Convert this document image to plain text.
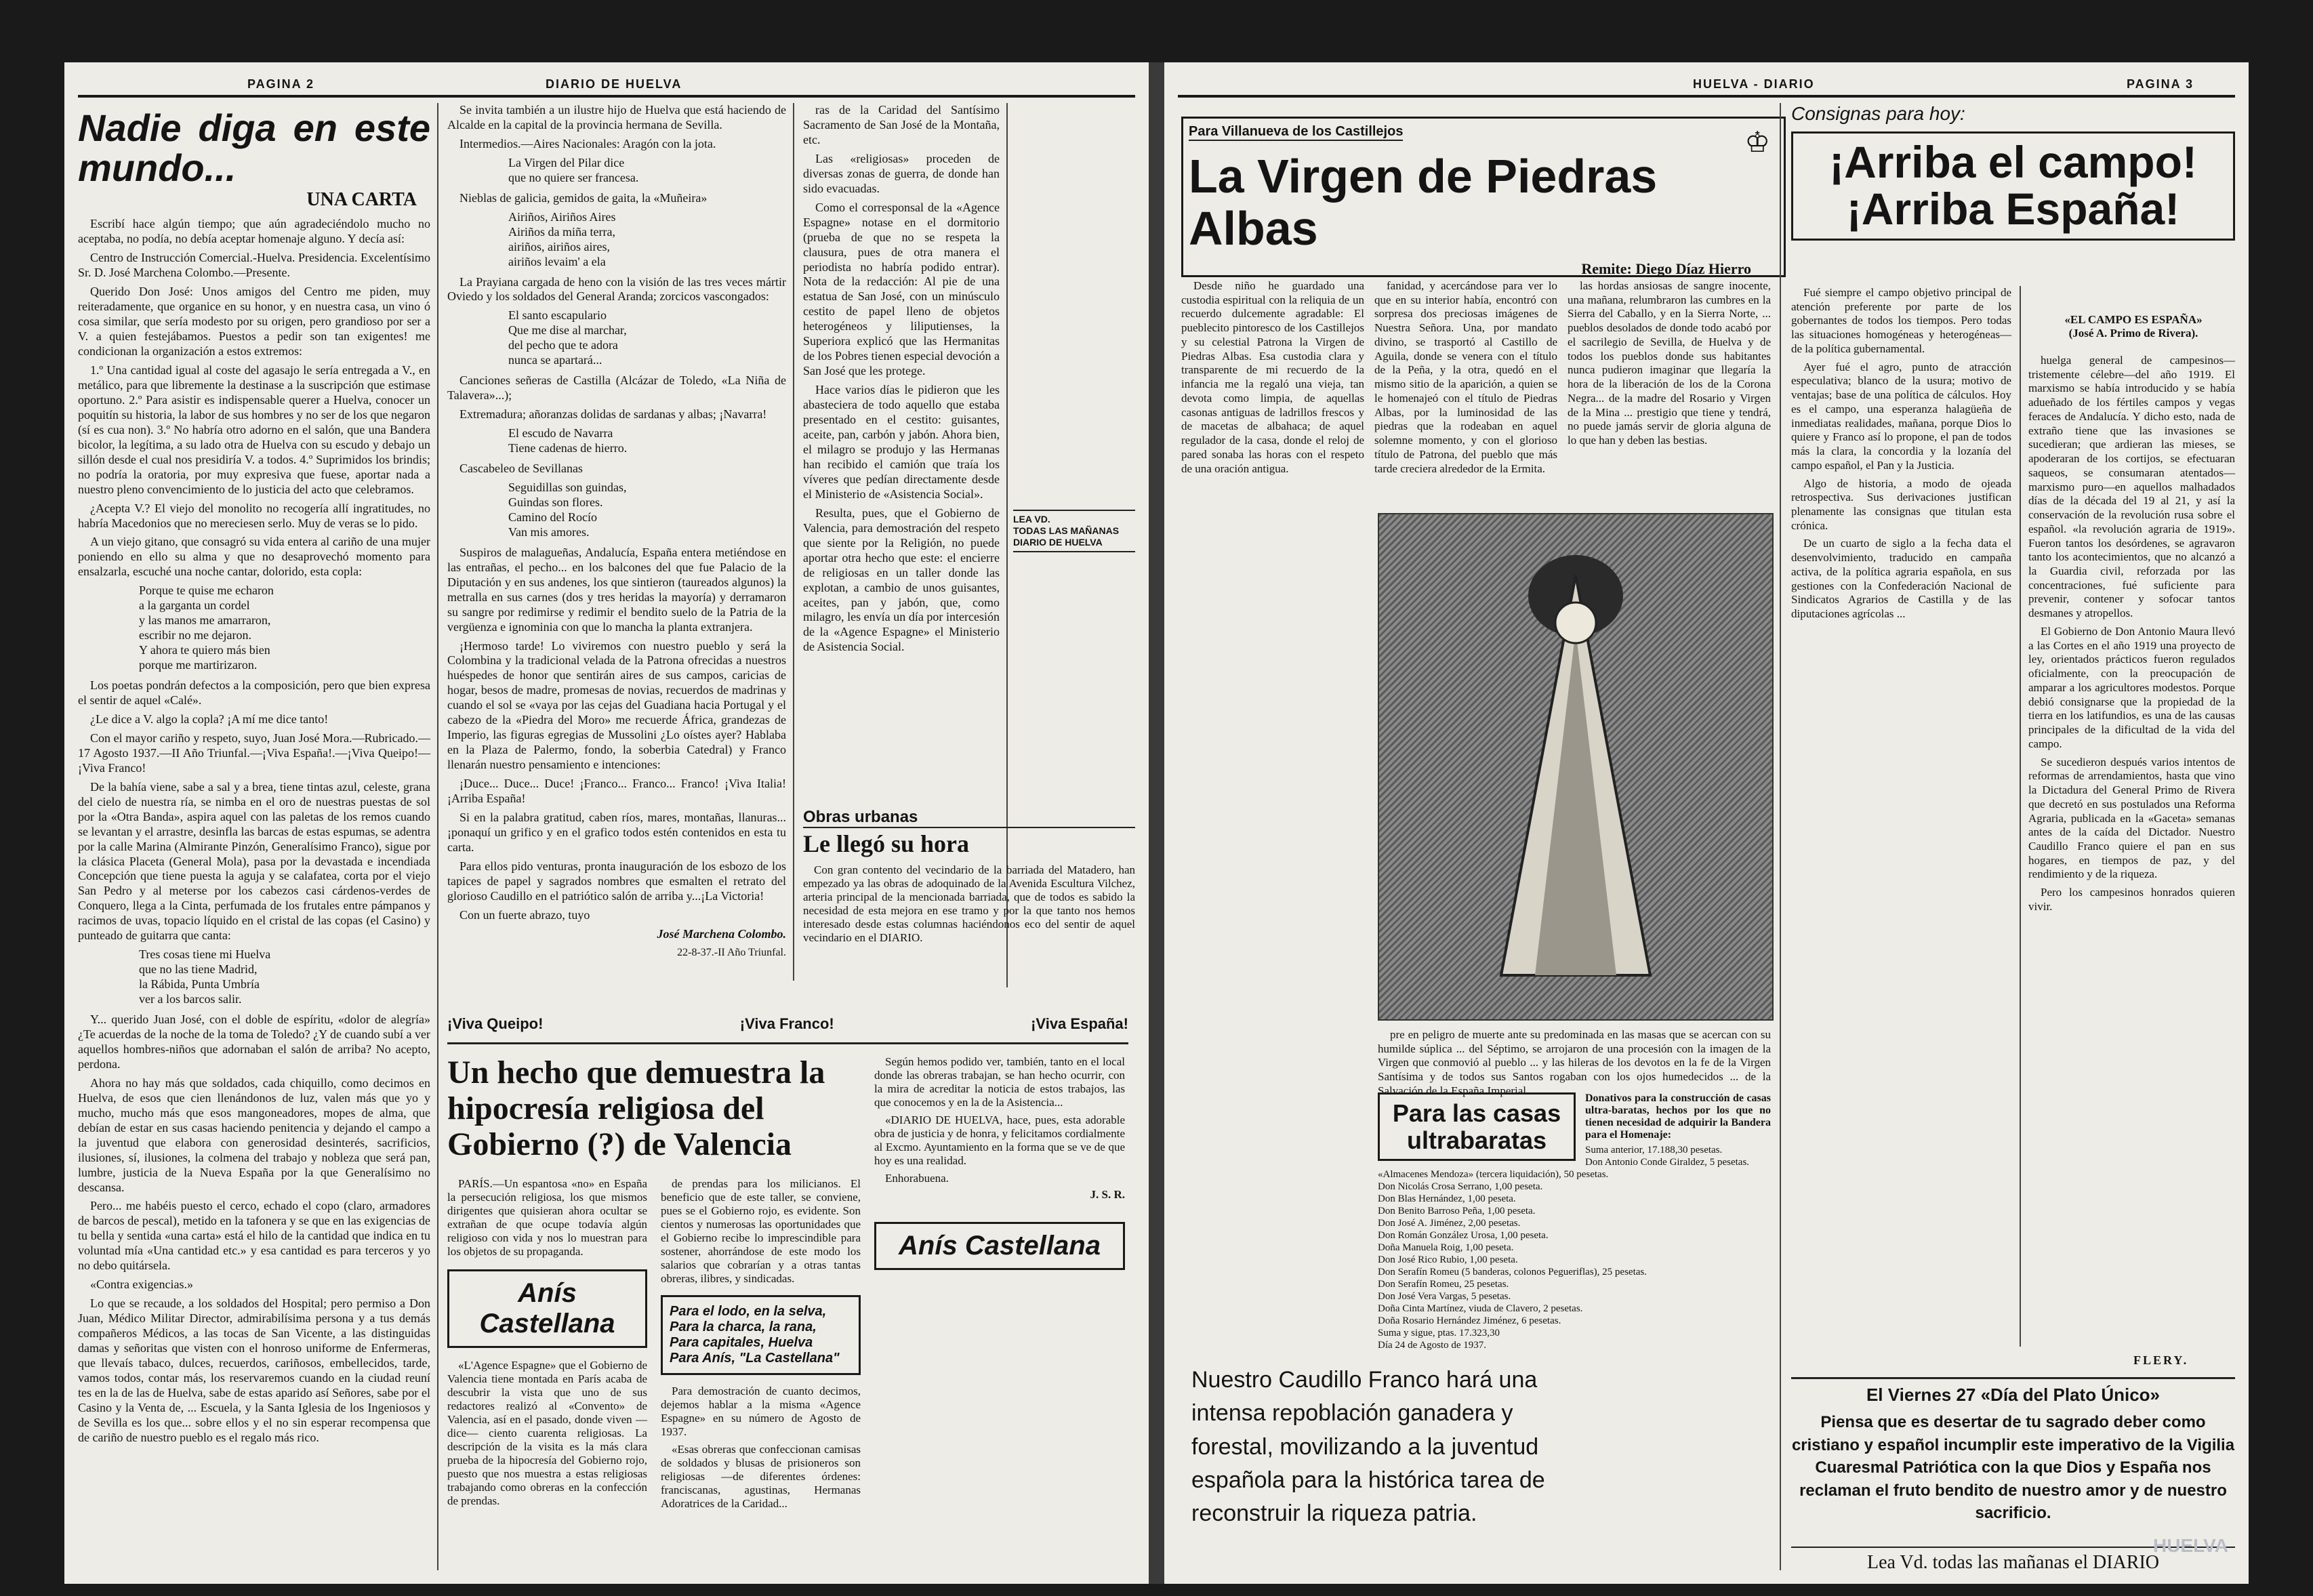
PAGINA 2	DIARIO DE HUELVA
Nadie diga en este mundo...
UNA CARTA

Escribí hace algún tiempo; que aún agradeciéndolo mucho no aceptaba, no podía, no debía aceptar homenaje alguno. Y decía así:

Centro de Instrucción Comercial.-Huelva. Presidencia. Excelentísimo Sr. D. José Marchena Colombo.—Presente.

Querido Don José: Unos amigos del Centro me piden, muy reiteradamente, que organice en su honor, y en nuestra casa, un vino ó cosa similar, que sería modesto por su origen, pero grandioso por ser a V. a quien festejábamos. Puestos a pedir son tan exigentes! me condicionan la organización a estos extremos:

1.º Una cantidad igual al coste del agasajo le sería entregada a V., en metálico, para que libremente la destinase a la suscripción que estimase oportuno. 2.º Para asistir es indispensable querer a Huelva, conocer un poquitín su historia, la labor de sus hombres y no ser de los que negaron (sí es cua non). 3.º No habría otro adorno en el salón, que una Bandera bicolor, la legítima, a su lado otra de Huelva con su escudo y debajo un sillón desde el cual nos presidiría V. a todos. 4.º Suprimidos los brindis; no podría la oratoria, por muy expresiva que fuese, aportar nada a nuestro pleno convencimiento de lo justicia del acto que celebramos.

¿Acepta V.? El viejo del monolito no recogería allí ingratitudes, no habría Macedonios que no mereciesen serlo. Muy de veras se lo pido.

A un viejo gitano, que consagró su vida entera al cariño de una mujer poniendo en ello su alma y que no desaprovechó momento para ensalzarla, escuché una noche cantar, dolorido, esta copla:

Porque te quise me echaron
a la garganta un cordel
y las manos me amarraron,
escribir no me dejaron.
Y ahora te quiero más bien
porque me martirizaron.

Los poetas pondrán defectos a la composición, pero que bien expresa el sentir de aquel «Calé».

¿Le dice a V. algo la copla? ¡A mí me dice tanto!

Con el mayor cariño y respeto, suyo, Juan José Mora.—Rubricado.—17 Agosto 1937.—II Año Triunfal.—¡Viva España!.—¡Viva Queipo!—¡Viva Franco!

De la bahía viene, sabe a sal y a brea, tiene tintas azul, celeste, grana del cielo de nuestra ría, se nimba en el oro de nuestras puestas de sol por la «Otra Banda», aspira aquel con las paletas de los remos cuando se levantan y el arrastre, desinfla las barcas de estas espumas, se adentra por la calle Marina (Almirante Pinzón, Generalísimo Franco), sigue por la clásica Placeta (General Mola), pasa por la devastada e incendiada Concepción que tiene puesta la aguja y se calafatea, corta por el viejo San Pedro y al meterse por los cabezos casi cárdenos-verdes de Conquero, llega a la Cinta, perfumada de los frutales entre pámpanos y racimos de uvas, topacio líquido en el cristal de las copas (el Casino) y punteado de guitarra que canta:

Tres cosas tiene mi Huelva
que no las tiene Madrid,
la Rábida, Punta Umbría
ver a los barcos salir.

Y... querido Juan José, con el doble de espíritu, «dolor de alegría» ¿Te acuerdas de la noche de la toma de Toledo? ¿Y de cuando subí a ver aquellos hombres-niños que adornaban el salón de arriba? No acepto, perdona.

Ahora no hay más que soldados, cada chiquillo, como decimos en Huelva, de esos que cien llenándonos de luz, valen más que yo y mucho, mucho más que esos mangoneadores, mopes de alma, que debían de estar en sus casas haciendo penitencia y dejando el campo a la juventud que elabora con generosidad desinterés, sacrificios, ilusiones, sí, ilusiones, la colmena del trabajo y nobleza que será pan, lumbre, justicia de la Nueva España por la que Generalísimo no descansa.

Pero... me habéis puesto el cerco, echado el copo (claro, armadores de barcos de pescal), metido en la tafonera y se que en las exigencias de tu bella y sentida «una carta» está el hilo de la cantidad que indica en tu voluntad mía «Una cantidad etc.» y esa cantidad es para terceros y yo no debo quitársela.

«Contra exigencias.»

Lo que se recaude, a los soldados del Hospital; pero permiso a Don Juan, Médico Militar Director, admirabilísima persona y a tus demás compañeros Médicos, a las tocas de San Vicente, a las distinguidas damas y señoritas que visten con el honroso uniforme de Enfermeras, que llevaís tabaco, dulces, recuerdos, cariñosos, embellecidos, tarde, vamos todos, contar más, los reservaremos cuando en la ciudad reuní tes en la de las de Huelva, sabe de estas aparido así Señores, sabe por el Casino y la Venta de, ... Escuela, y la Santa Iglesia de los Ingeniosos y de Sevilla es los que... sobre ellos y el no sin esperar recompensa que de cariño de nuestro pueblo es el regalo más rico.

Se invita también a un ilustre hijo de Huelva que está haciendo de Alcalde en la capital de la provincia hermana de Sevilla.

Intermedios.—Aires Nacionales: Aragón con la jota.

La Virgen del Pilar dice
que no quiere ser francesa.

Nieblas de galicia, gemidos de gaita, la «Muñeira»

Airiños, Airiños Aires
Airiños da miña terra,
airiños, airiños aires,
airiños levaim' a ela

La Prayiana cargada de heno con la visión de las tres veces mártir Oviedo y los soldados del General Aranda; zorcicos vascongados:

El santo escapulario
Que me dise al marchar,
del pecho que te adora
nunca se apartará...

Canciones señeras de Castilla (Alcázar de Toledo, «La Niña de Talavera»...);

Extremadura; añoranzas dolidas de sardanas y albas; ¡Navarra!

El escudo de Navarra
Tiene cadenas de hierro.

Cascabeleo de Sevillanas

Seguidillas son guindas,
Guindas son flores.
Camino del Rocío
Van mis amores.

Suspiros de malagueñas, Andalucía, España entera metiéndose en las entrañas, el pecho... en los balcones del que fue Palacio de la Diputación y en sus andenes, los que sintieron (taureados algunos) la metralla en sus carnes (dos y tres heridas la mayoría) y derramaron su sangre por redimirse y redimir el bendito suelo de la Patria de la vergüenza e ignominia con que lo mancha la planta extranjera.

¡Hermoso tarde! Lo viviremos con nuestro pueblo y será la Colombina y la tradicional velada de la Patrona ofrecidas a nuestros huéspedes de honor que sentirán aires de sus campos, caricias de hogar, besos de madre, promesas de novias, recuerdos de madrinas y cuando el sol se «vaya por las cejas del Guadiana hacia Portugal y el cabezo de la «Piedra del Moro» me recuerde África, grandezas de Imperio, las figuras egregias de Mussolini ¿Lo oístes ayer? Hablaba en la Plaza de Palermo, fondo, la soberbia Catedral) y Franco llenarán nuestro pensamiento e intenciones:

¡Duce... Duce... Duce! ¡Franco... Franco... Franco! ¡Viva Italia! ¡Arriba España!

Si en la palabra gratitud, caben ríos, mares, montañas, llanuras... ¡ponaquí un grifico y en el grafico todos estén contenidos en esta tu carta.

Para ellos pido venturas, pronta inauguración de los esbozo de los tapices de papel y sagrados nombres que esmalten el retrato del glorioso Caudillo en el patriótico salón de arriba y...¡La Victoria!

Con un fuerte abrazo, tuyo

José Marchena Colombo.
22-8-37.-II Año Triunfal.
¡Viva Queipo!	¡Viva Franco!	¡Viva España!

ras de la Caridad del Santísimo Sacramento de San José de la Montaña, etc.

Las «religiosas» proceden de diversas zonas de guerra, de donde han sido evacuadas.

Como el corresponsal de la «Agence Espagne» notase en el dormitorio (prueba de que no se respeta la clausura, pues de otra manera el periodista no habría podido entrar). Nota de la redacción: Al pie de una estatua de San José, con un minúsculo cestito de papel lleno de objetos heterogéneos y liliputienses, la Superiora explicó que las Hermanitas de los Pobres tienen especial devoción a San José que les protege.

Hace varios días le pidieron que les abasteciera de todo aquello que estaba presentado en el cestito: guisantes, aceite, pan, carbón y jabón. Ahora bien, el milagro se produjo y las Hermanas han recibido el camión que traía los víveres que pedían directamente desde el Ministerio de «Asistencia Social».

Resulta, pues, que el Gobierno de Valencia, para demostración del respeto que siente por la Religión, no puede aportar otra hecho que este: el encierre de religiosas en un taller donde las explotan, a cambio de unos guisantes, aceites, pan y jabón, que, como milagro, les envía un día por intercesión de la «Agence Espagne» el Ministerio de Asistencia Social.

LEA VD.
TODAS LAS MAÑANAS
DIARIO DE HUELVA
Obras urbanas
Le llegó su hora

Con gran contento del vecindario de la barriada del Matadero, han empezado ya las obras de adoquinado de la Avenida Escultura Vilchez, arteria principal de la mencionada barriada, que de todos es sabido la necesidad de esta mejora en ese tramo y por la que tanto nos hemos interesado desde estas columnas haciéndonos eco del sentir de aquel vecindario en el DIARIO.

Un hecho que demuestra la hipocresía religiosa del Gobierno (?) de Valencia

PARÍS.—Un espantosa «no» en España la persecución religiosa, los que mismos dirigentes que quisieran ahora ocultar se extrañan de que ocupe todavía algún religioso con vida y nos lo muestran para los objetos de su propaganda.

Anís Castellana

«L'Agence Espagne» que el Gobierno de Valencia tiene montada en París acaba de descubrir la vista que uno de sus redactores realizó al «Convento» de Valencia, así en el pasado, donde viven —dice— ciento cuarenta religiosas. La descripción de la visita es la más clara prueba de la hipocresía del Gobierno rojo, puesto que nos muestra a estas religiosas trabajando como obreras en la confección de prendas.

de prendas para los milicianos. El beneficio que de este taller, se conviene, pues se el Gobierno rojo, es evidente. Son cientos y numerosas las oportunidades que el Gobierno recibe lo imprescindible para sostener, ahorrándose de este modo los salarios que cobrarían y a otras tantas obreras, ilibres, y sindicadas.

Para el lodo, en la selva,
Para la charca, la rana,
Para capitales, Huelva
Para Anís, "La Castellana"

Para demostración de cuanto decimos, dejemos hablar a la misma «Agence Espagne» en su número de Agosto de 1937.

«Esas obreras que confeccionan camisas de soldados y blusas de prisioneros son religiosas —de diferentes órdenes: franciscanas, agustinas, Hermanas Adoratrices de la Caridad...

Según hemos podido ver, también, tanto en el local donde las obreras trabajan, se han hecho ocurrir, con la mira de acreditar la noticia de estos trabajos, las que conocemos y en la de la Asistencia...

«DIARIO DE HUELVA, hace, pues, esta adorable obra de justicia y de honra, y felicitamos cordialmente al Excmo. Ayuntamiento en la forma que se ve de que hoy es una realidad.

Enhorabuena.

J. S. R.
Anís Castellana
HUELVA - DIARIO	PAGINA 3
Para Villanueva de los Castillejos	♔
La Virgen de Piedras Albas
Remite: Diego Díaz Hierro

Desde niño he guardado una custodia espiritual con la reliquia de un recuerdo dulcemente agradable: El pueblecito pintoresco de los Castillejos y su celestial Patrona la Virgen de Piedras Albas. Esa custodia clara y transparente de mi recuerdo de la infancia me la regaló una vieja, tan devota como limpia, de aquellas casonas antiguas de ladrillos frescos y de macetas de albahaca; de aquel regulador de la casa, donde el reloj de pared sonaba las horas con el respeto de una oración antigua.

fanidad, y acercándose para ver lo que en su interior había, encontró con sorpresa dos preciosas imágenes de Nuestra Señora. Una, por mandato divino, se trasportó al Castillo de Aguila, donde se venera con el título de la Peña, y la otra, quedó en el mismo sitio de la aparición, a quien se le homenajeó con el título de Piedras Albas, por la luminosidad de las piedras que la rodeaban en aquel solemne momento, y con el glorioso título de Patrona, del pueblo que más tarde creciera alrededor de la Ermita.

las hordas ansiosas de sangre inocente, una mañana, relumbraron las cumbres en la Sierra del Caballo, y en la Sierra Norte, ... pueblos desolados de donde todo acabó por el sacrilegio de Sevilla, de Huelva y de todos los pueblos donde sus habitantes nunca pudieron imaginar que llegaría la hora de la liberación de los de la Corona Negra... de la madre del Rosario y Virgen de la Mina ... prestigio que tiene y tendrá, no puede jamás servir de gloria alguna de lo que han y deben las bestias.

pre en peligro de muerte ante su predominada en las masas que se acercan con su humilde súplica ... del Séptimo, se arrojaron de una procesión con la imagen de la Virgen que conmovió al pueblo ... y las hileras de los devotos en la fe de la Virgen Santísima y de todos sus Santos rogaban con los ojos humedecidos ... de la Salvación de la España Imperial.

Para las casas ultrabaratas

Donativos para la construcción de casas ultra-baratas, hechos por los que no tienen necesidad de adquirir la Bandera para el Homenaje:

Suma anterior, 17.188,30 pesetas.
Don Antonio Conde Giraldez, 5 pesetas.
«Almacenes Mendoza» (tercera liquidación), 50 pesetas.
Don Nicolás Crosa Serrano, 1,00 peseta.
Don Blas Hernández, 1,00 peseta.
Don Benito Barroso Peña, 1,00 peseta.
Don José A. Jiménez, 2,00 pesetas.
Don Román González Urosa, 1,00 peseta.
Doña Manuela Roig, 1,00 peseta.
Don José Rico Rubio, 1,00 peseta.
Don Serafín Romeu (5 banderas, colonos Pegueriflas), 25 pesetas.
Don Serafín Romeu, 25 pesetas.
Don José Vera Vargas, 5 pesetas.
Doña Cinta Martínez, viuda de Clavero, 2 pesetas.
Doña Rosario Hernández Jiménez, 6 pesetas.
Suma y sigue, ptas. 17.323,30
Día 24 de Agosto de 1937.
Nuestro Caudillo Franco hará una intensa repoblación ganadera y forestal, movilizando a la juventud española para la histórica tarea de reconstruir la riqueza patria.
Consignas para hoy:
¡Arriba el campo! ¡Arriba España!
«EL CAMPO ES ESPAÑA»
(José A. Primo de Rivera).

Fué siempre el campo objetivo principal de atención preferente por parte de los gobernantes de todos los tiempos. Pero todas las situaciones homogéneas y heterogéneas—de la política gubernamental.

Ayer fué el agro, punto de atracción especulativa; blanco de la usura; motivo de ventajas; base de una política de cálculos. Hoy es el campo, una esperanza halagüeña de inmediatas realidades, mañana, porque Dios lo quiere y Franco así lo propone, el pan de todos más la clara, la concordia y la lozanía del campo español, el Pan y la Justicia.

Algo de historia, a modo de ojeada retrospectiva. Sus derivaciones justifican plenamente las consignas que titulan esta crónica.

De un cuarto de siglo a la fecha data el desenvolvimiento, traducido en campaña activa, de la política agraria española, en sus gestiones con la Confederación Nacional de Sindicatos Agrarios de Castilla y de las diputaciones agrícolas ...

huelga general de campesinos—tristemente célebre—del año 1919. El marxismo se había introducido y se había adueñado de los fértiles campos y vegas feraces de Andalucía. Y dicho esto, nada de extraño tiene que las invasiones se sucedieran; que ardieran las mieses, se apoderaran de los cortijos, se efectuaran saqueos, se consumaran atentados—marxismo puro—en aquellos malhadados días de la década del 19 al 21, y así la conservación de la revolución rusa sobre el español. «la revolución agraria de 1919». Fueron tantos los desórdenes, se agravaron tanto los acontecimientos, que no alcanzó a la Guardia civil, reforzada por las concentraciones, fué suficiente para prevenir, contener y sofocar tantos desmanes y atropellos.

El Gobierno de Don Antonio Maura llevó a las Cortes en el año 1919 una proyecto de ley, orientados prácticos fueron regulados oficialmente, con la preocupación de amparar a los agricultores modestos. Porque debió consignarse que la propiedad de la tierra en los latifundios, es una de las causas principales de la dificultad de la vida del campo.

Se sucedieron después varios intentos de reformas de arrendamientos, hasta que vino la Dictadura del General Primo de Rivera que decretó en sus postulados una Reforma Agraria, publicada en la «Gaceta» semanas antes de la caída del Dictador. Nuestro Caudillo Franco quiere el pan en sus hogares, en tiempos de paz, y del rendimiento y de la riqueza.

Pero los campesinos honrados quieren vivir.

FLERY.
El Viernes 27 «Día del Plato Único»
Piensa que es desertar de tu sagrado deber como cristiano y español incumplir este imperativo de la Vigilia Cuaresmal Patriótica con la que Dios y España nos reclaman el fruto bendito de nuestro amor y de nuestro sacrificio.
Lea Vd. todas las mañanas el DIARIO
HUELVA
